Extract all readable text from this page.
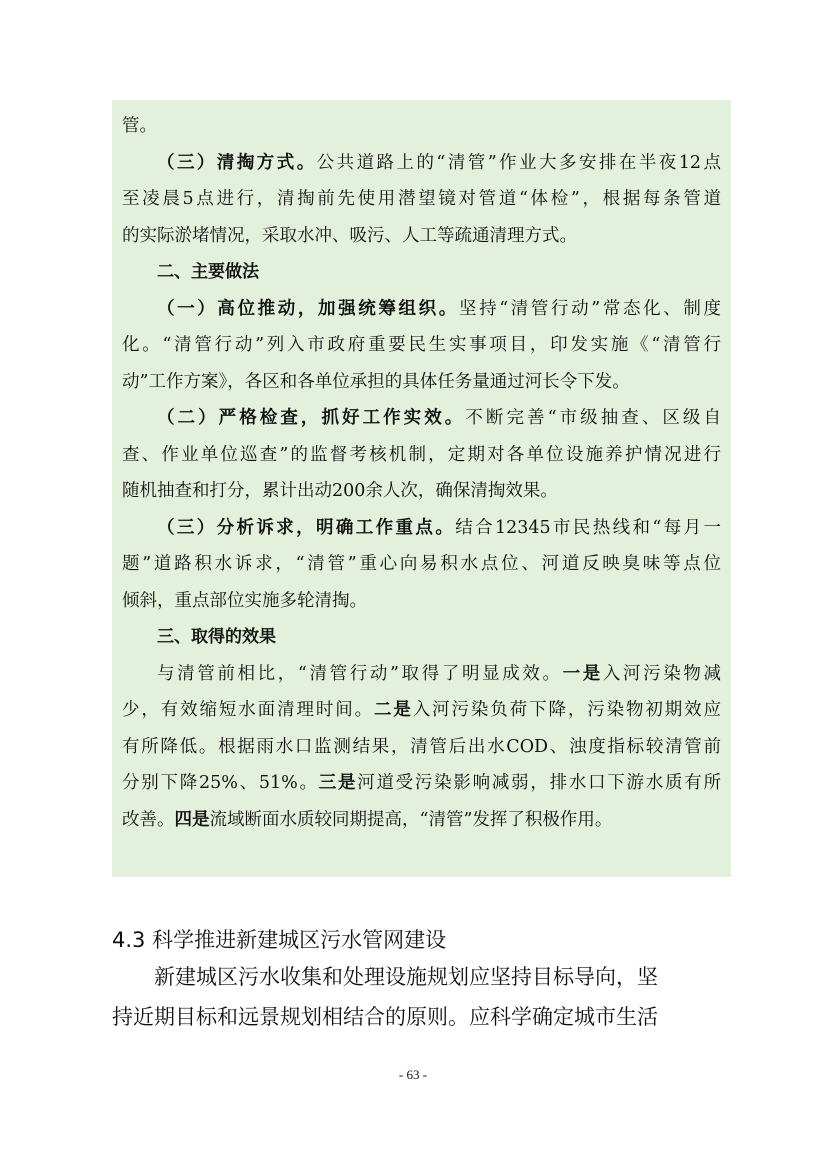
管。
（三）清掏方式。公共道路上的“清管”作业大多安排在半夜12点
至凌晨5点进行，清掏前先使用潜望镜对管道“体检”，根据每条管道
的实际淤堵情况，采取水冲、吸污、人工等疏通清理方式。
二、主要做法
（一）高位推动，加强统筹组织。坚持“清管行动”常态化、制度
化。“清管行动”列入市政府重要民生实事项目，印发实施《“清管行
动”工作方案》，各区和各单位承担的具体任务量通过河长令下发。
（二）严格检查，抓好工作实效。不断完善“市级抽查、区级自
查、作业单位巡查”的监督考核机制，定期对各单位设施养护情况进行
随机抽查和打分，累计出动200余人次，确保清掏效果。
（三）分析诉求，明确工作重点。结合12345市民热线和“每月一
题”道路积水诉求，“清管”重心向易积水点位、河道反映臭味等点位
倾斜，重点部位实施多轮清掏。
三、取得的效果
与清管前相比，“清管行动”取得了明显成效。一是入河污染物减
少，有效缩短水面清理时间。二是入河污染负荷下降，污染物初期效应
有所降低。根据雨水口监测结果，清管后出水COD、浊度指标较清管前
分别下降25%、51%。三是河道受污染影响减弱，排水口下游水质有所
改善。四是流域断面水质较同期提高，“清管”发挥了积极作用。
4.3 科学推进新建城区污水管网建设
　　新建城区污水收集和处理设施规划应坚持目标导向，坚
持近期目标和远景规划相结合的原则。应科学确定城市生活
- 63 -
